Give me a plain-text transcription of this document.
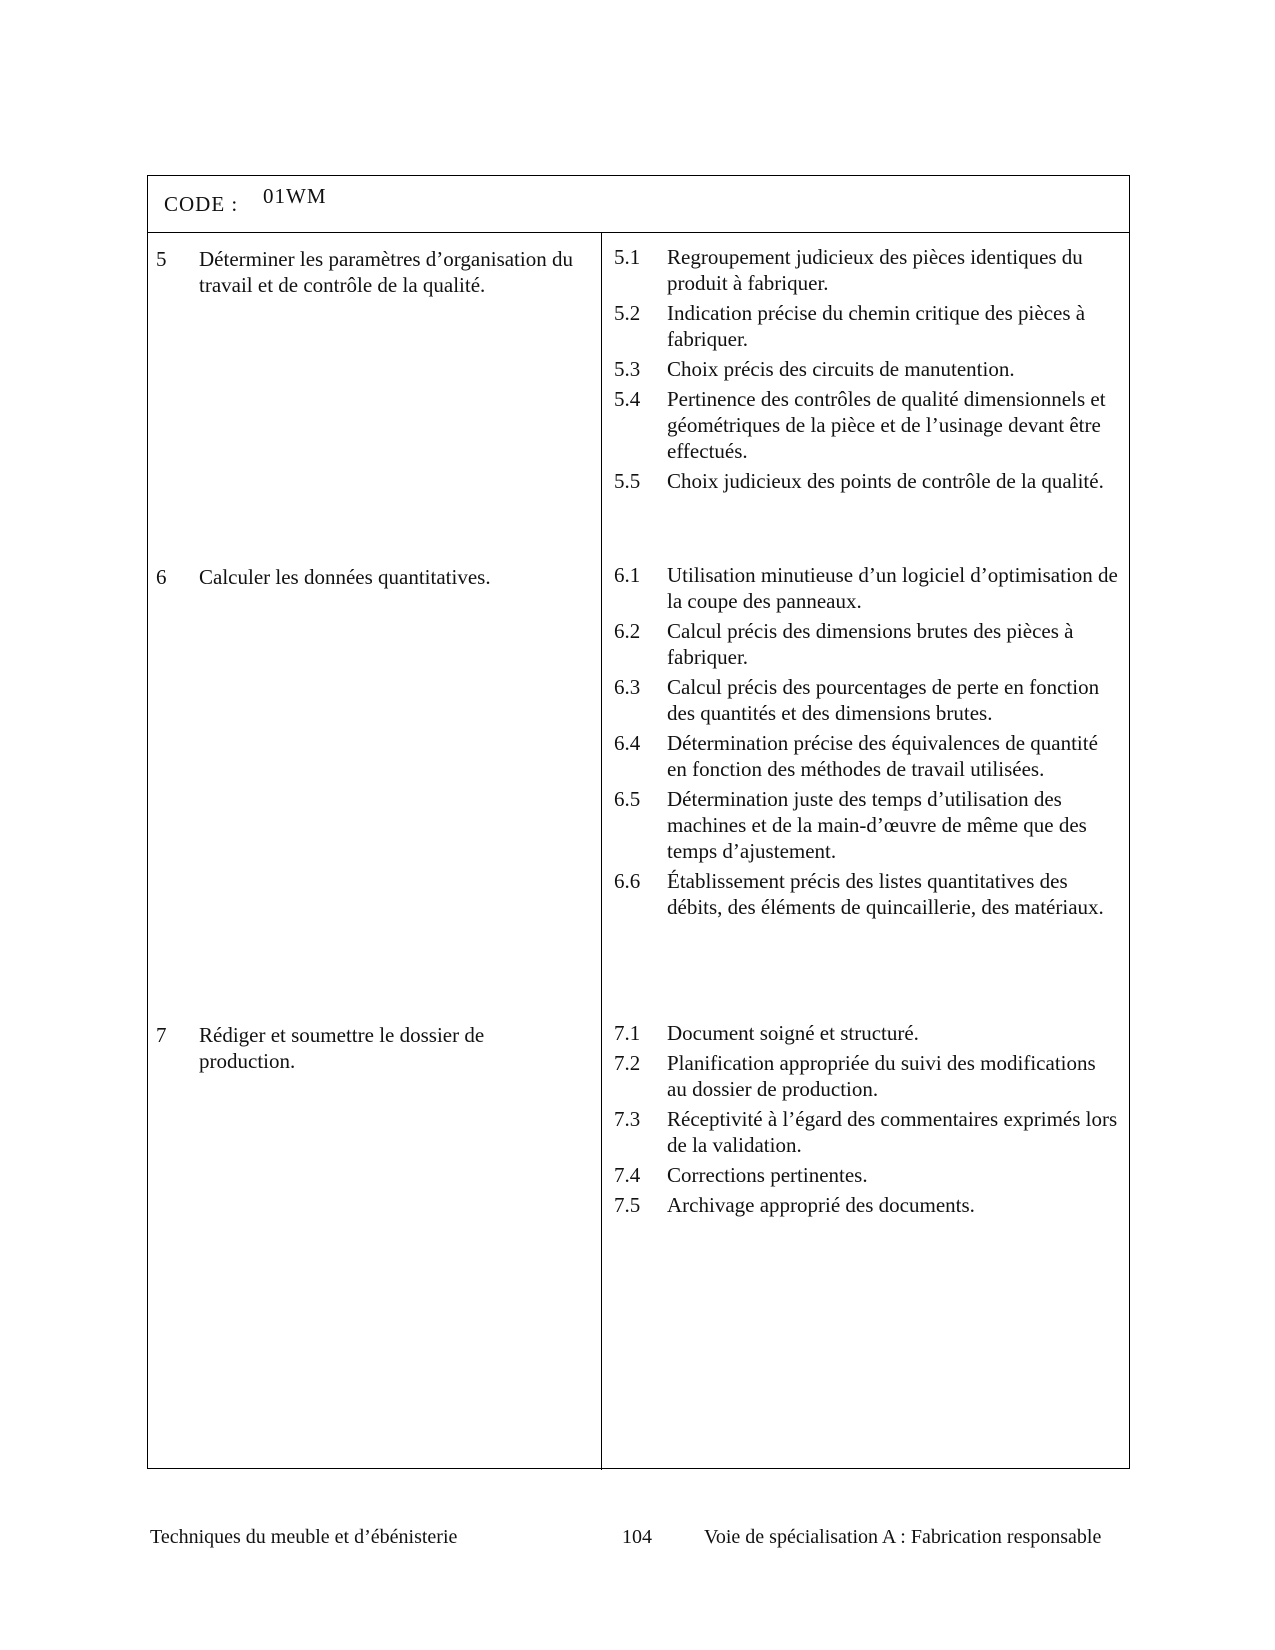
CODE : 01WM
5 Déterminer les paramètres d’organisation du travail et de contrôle de la qualité.
5.1 Regroupement judicieux des pièces identiques du produit à fabriquer.
5.2 Indication précise du chemin critique des pièces à fabriquer.
5.3 Choix précis des circuits de manutention.
5.4 Pertinence des contrôles de qualité dimensionnels et géométriques de la pièce et de l’usinage devant être effectués.
5.5 Choix judicieux des points de contrôle de la qualité.
6 Calculer les données quantitatives.	6.1 Utilisation minutieuse d’un logiciel d’optimisation de la coupe des panneaux.
6.2 Calcul précis des dimensions brutes des pièces à fabriquer.
6.3 Calcul précis des pourcentages de perte en fonction des quantités et des dimensions brutes.
6.4 Détermination précise des équivalences de quantité en fonction des méthodes de travail utilisées.
6.5 Détermination juste des temps d’utilisation des machines et de la main-d’œuvre de même que des temps d’ajustement.
6.6 Établissement précis des listes quantitatives des débits, des éléments de quincaillerie, des matériaux.
7 Rédiger et soumettre le dossier de production.
7.1 Document soigné et structuré.
7.2 Planification appropriée du suivi des modifications au dossier de production.
7.3 Réceptivité à l’égard des commentaires exprimés lors de la validation.
7.4 Corrections pertinentes.
7.5 Archivage approprié des documents.
Techniques du meuble et d’ébénisterie	104	Voie de spécialisation A : Fabrication responsable
